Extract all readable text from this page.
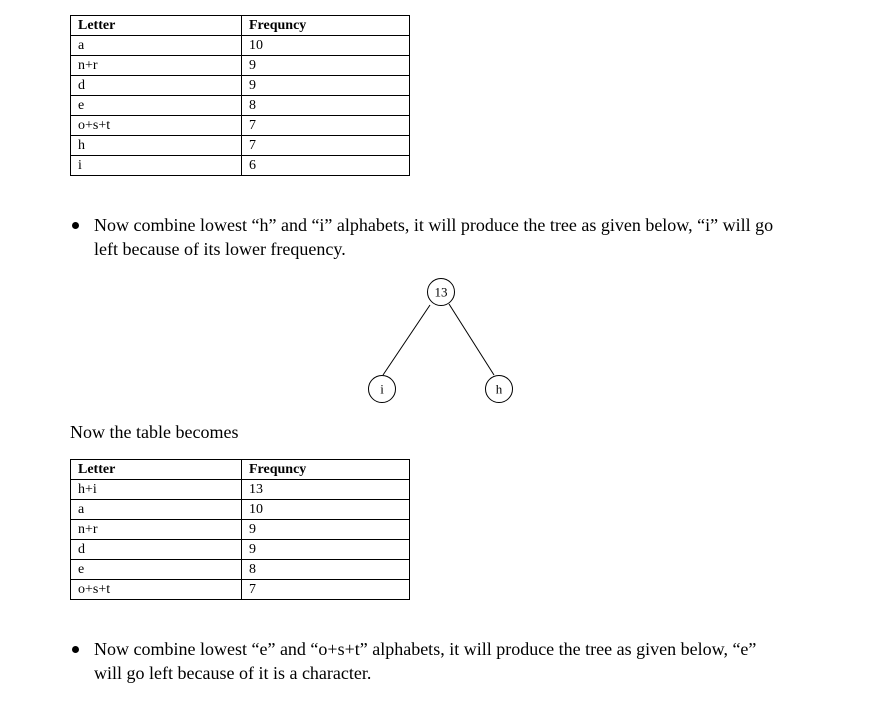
Letter	Frequncy
a	10
n+r	9
d	9
e	8
o+s+t	7
h	7
i	6
Now combine lowest “h” and “i” alphabets, it will produce the tree as given below, “i” will go
left because of its lower frequency.
13
i	h
Now the table becomes
Letter	Frequncy
h+i	13
a	10
n+r	9
d	9
e	8
o+s+t	7
Now combine lowest “e” and “o+s+t” alphabets, it will produce the tree as given below, “e”
will go left because of it is a character.
